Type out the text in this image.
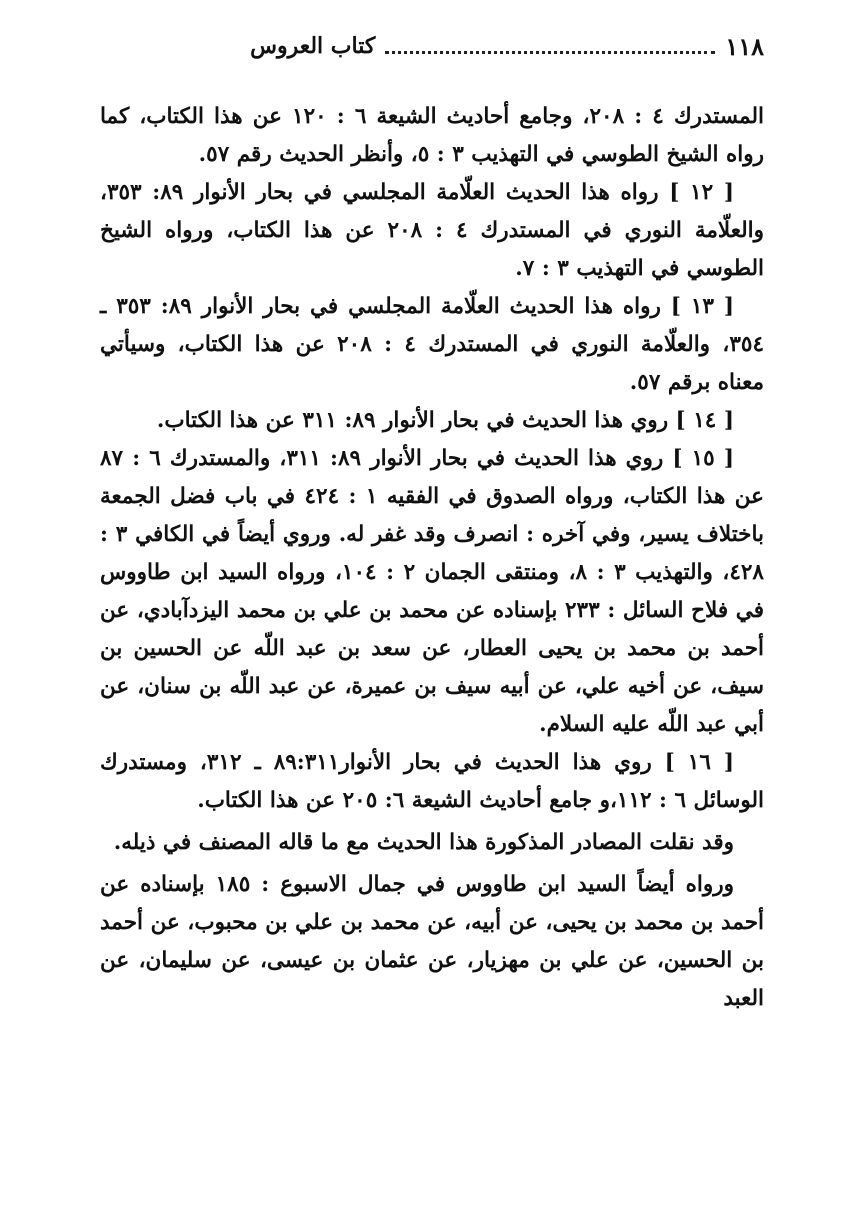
١١٨
كتاب العروس

المستدرك ٤ : ٢٠٨، وجامع أحاديث الشيعة ٦ : ١٢٠ عن هذا الكتاب، كما رواه الشيخ الطوسي في التهذيب ٣ : ٥، وأنظر الحديث رقم ٥٧.

[ ١٢ ] رواه هذا الحديث العلّامة المجلسي في بحار الأنوار ٨٩: ٣٥٣، والعلّامة النوري في المستدرك ٤ : ٢٠٨ عن هذا الكتاب، ورواه الشيخ الطوسي في التهذيب ٣ : ٧.

[ ١٣ ] رواه هذا الحديث العلّامة المجلسي في بحار الأنوار ٨٩: ٣٥٣ ـ ٣٥٤، والعلّامة النوري في المستدرك ٤ : ٢٠٨ عن هذا الكتاب، وسيأتي معناه برقم ٥٧.

[ ١٤ ] روي هذا الحديث في بحار الأنوار ٨٩: ٣١١ عن هذا الكتاب.

[ ١٥ ] روي هذا الحديث في بحار الأنوار ٨٩: ٣١١، والمستدرك ٦ : ٨٧ عن هذا الكتاب، ورواه الصدوق في الفقيه ١ : ٤٢٤ في باب فضل الجمعة باختلاف يسير، وفي آخره : انصرف وقد غفر له. وروي أيضاً في الكافي ٣ : ٤٢٨، والتهذيب ٣ : ٨، ومنتقى الجمان ٢ : ١٠٤، ورواه السيد ابن طاووس في فلاح السائل : ٢٣٣ بإسناده عن محمد بن علي بن محمد اليزدآبادي، عن أحمد بن محمد بن يحيى العطار، عن سعد بن عبد اللّه عن الحسين بن سيف، عن أخيه علي، عن أبيه سيف بن عميرة، عن عبد اللّه بن سنان، عن أبي عبد اللّه عليه السلام.

[ ١٦ ] روي هذا الحديث في بحار الأنوار٨٩:٣١١ ـ ٣١٢، ومستدرك الوسائل ٦ : ١١٢،و جامع أحاديث الشيعة ٦: ٢٠٥ عن هذا الكتاب.

وقد نقلت المصادر المذكورة هذا الحديث مع ما قاله المصنف في ذيله.

ورواه أيضاً السيد ابن طاووس في جمال الاسبوع : ١٨٥ بإسناده عن أحمد بن محمد بن يحيى، عن أبيه، عن محمد بن علي بن محبوب، عن أحمد بن الحسين، عن علي بن مهزيار، عن عثمان بن عيسى، عن سليمان، عن العبد
